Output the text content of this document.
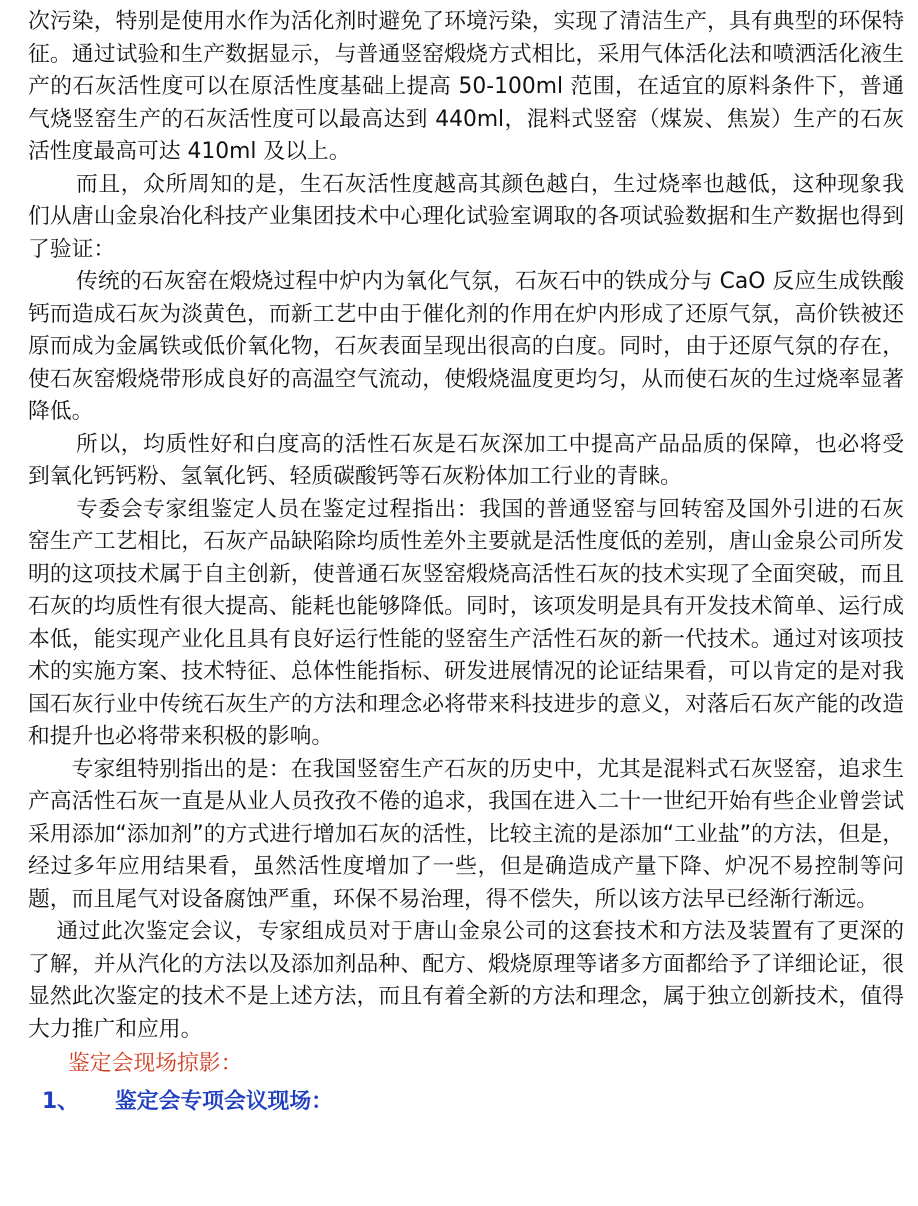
次污染，特别是使用水作为活化剂时避免了环境污染，实现了清洁生产，具有典型的环保特征。通过试验和生产数据显示，与普通竖窑煅烧方式相比，采用气体活化法和喷洒活化液生产的石灰活性度可以在原活性度基础上提高 50-100ml 范围，在适宜的原料条件下，普通气烧竖窑生产的石灰活性度可以最高达到 440ml，混料式竖窑（煤炭、焦炭）生产的石灰活性度最高可达 410ml 及以上。

而且，众所周知的是，生石灰活性度越高其颜色越白，生过烧率也越低，这种现象我们从唐山金泉冶化科技产业集团技术中心理化试验室调取的各项试验数据和生产数据也得到了验证：

传统的石灰窑在煅烧过程中炉内为氧化气氛，石灰石中的铁成分与 CaO 反应生成铁酸钙而造成石灰为淡黄色，而新工艺中由于催化剂的作用在炉内形成了还原气氛，高价铁被还原而成为金属铁或低价氧化物，石灰表面呈现出很高的白度。同时，由于还原气氛的存在，使石灰窑煅烧带形成良好的高温空气流动，使煅烧温度更均匀，从而使石灰的生过烧率显著降低。

所以，均质性好和白度高的活性石灰是石灰深加工中提高产品品质的保障，也必将受到氧化钙钙粉、氢氧化钙、轻质碳酸钙等石灰粉体加工行业的青睐。

专委会专家组鉴定人员在鉴定过程指出：我国的普通竖窑与回转窑及国外引进的石灰窑生产工艺相比，石灰产品缺陷除均质性差外主要就是活性度低的差别，唐山金泉公司所发明的这项技术属于自主创新，使普通石灰竖窑煅烧高活性石灰的技术实现了全面突破，而且石灰的均质性有很大提高、能耗也能够降低。同时，该项发明是具有开发技术简单、运行成本低，能实现产业化且具有良好运行性能的竖窑生产活性石灰的新一代技术。通过对该项技术的实施方案、技术特征、总体性能指标、研发进展情况的论证结果看，可以肯定的是对我国石灰行业中传统石灰生产的方法和理念必将带来科技进步的意义，对落后石灰产能的改造和提升也必将带来积极的影响。

专家组特别指出的是：在我国竖窑生产石灰的历史中，尤其是混料式石灰竖窑，追求生产高活性石灰一直是从业人员孜孜不倦的追求，我国在进入二十一世纪开始有些企业曾尝试采用添加“添加剂”的方式进行增加石灰的活性，比较主流的是添加“工业盐”的方法，但是，经过多年应用结果看，虽然活性度增加了一些，但是确造成产量下降、炉况不易控制等问题，而且尾气对设备腐蚀严重，环保不易治理，得不偿失，所以该方法早已经渐行渐远。

通过此次鉴定会议，专家组成员对于唐山金泉公司的这套技术和方法及装置有了更深的了解，并从汽化的方法以及添加剂品种、配方、煅烧原理等诸多方面都给予了详细论证，很显然此次鉴定的技术不是上述方法，而且有着全新的方法和理念，属于独立创新技术，值得大力推广和应用。

鉴定会现场掠影：

1、 鉴定会专项会议现场：
